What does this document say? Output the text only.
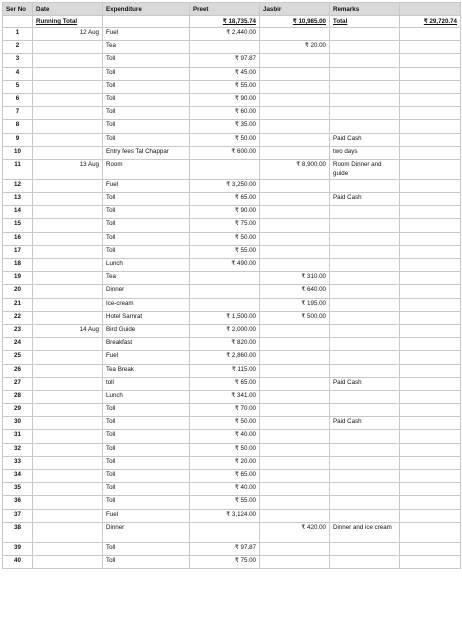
Ser No	Date	Expenditure	Preet	Jasbir	Remarks	
	Running Total		₹ 18,735.74	₹ 10,985.00	Total	₹ 29,720.74
1	12 Aug	Fuel	₹ 2,440.00			
2		Tea		₹ 20.00		
3		Toll	₹ 97.87			
4		Toll	₹ 45.00			
5		Toll	₹ 55.00			
6		Toll	₹ 90.00			
7		Toll	₹ 60.00			
8		Toll	₹ 35.00			
9		Toll	₹ 50.00		Paid Cash	
10		Entry fees Tal Chappar	₹ 600.00		two days	
11	13 Aug	Room		₹ 8,900.00	Room Dinner and guide	
12		Fuel	₹ 3,250.00			
13		Toll	₹ 65.00		Paid Cash	
14		Toll	₹ 90.00			
15		Toll	₹ 75.00			
16		Toll	₹ 50.00			
17		Toll	₹ 55.00			
18		Lunch	₹ 490.00			
19		Tea		₹ 310.00		
20		Dinner		₹ 640.00		
21		Ice-cream		₹ 195.00		
22		Hotel Samrat	₹ 1,500.00	₹ 500.00		
23	14 Aug	Bird Guide	₹ 2,000.00			
24		Breakfast	₹ 820.00			
25		Fuel	₹ 2,860.00			
26		Tea Break	₹ 115.00			
27		toll	₹ 65.00		Paid Cash	
28		Lunch	₹ 341.00			
29		Toll	₹ 70.00			
30		Toll	₹ 50.00		Paid Cash	
31		Toll	₹ 40.00			
32		Toll	₹ 50.00			
33		Toll	₹ 20.00			
34		Toll	₹ 65.00			
35		Toll	₹ 40.00			
36		Toll	₹ 55.00			
37		Fuel	₹ 3,124.00			
38		Dinner		₹ 420.00	Dinner and ice cream	
39		Toll	₹ 97.87			
40		Toll	₹ 75.00			
